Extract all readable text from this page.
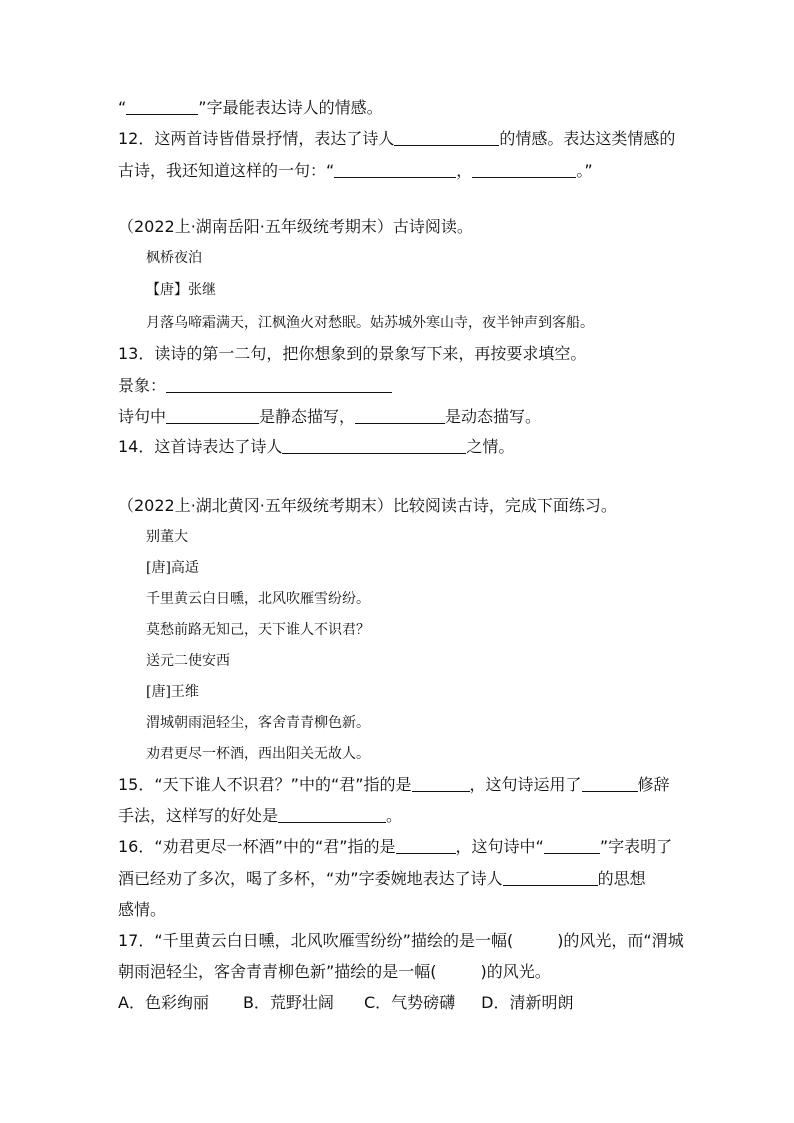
“	”字最能表达诗人的情感。
12．这两首诗皆借景抒情，表达了诗人	的情感。表达这类情感的
古诗，我还知道这样的一句：“	，	。”
（2022上·湖南岳阳·五年级统考期末）古诗阅读。
枫桥夜泊
【唐】张继
月落乌啼霜满天，江枫渔火对愁眠。姑苏城外寒山寺，夜半钟声到客船。
13．读诗的第一二句，把你想象到的景象写下来，再按要求填空。
景象：
诗句中	是静态描写，	是动态描写。
14．这首诗表达了诗人	之情。
（2022上·湖北黄冈·五年级统考期末）比较阅读古诗，完成下面练习。
别董大
[唐]高适
千里黄云白日曛，北风吹雁雪纷纷。
莫愁前路无知己，天下谁人不识君？
送元二使安西
[唐]王维
渭城朝雨浥轻尘，客舍青青柳色新。
劝君更尽一杯酒，西出阳关无故人。
15．“天下谁人不识君？”中的“君”指的是	，这句诗运用了	修辞
手法，这样写的好处是	。
16．“劝君更尽一杯酒”中的“君”指的是	，这句诗中“	”字表明了
酒已经劝了多次，喝了多杯，“劝”字委婉地表达了诗人	的思想
感情。
17．“千里黄云白日曛，北风吹雁雪纷纷”描绘的是一幅(	)的风光，而“渭城
朝雨浥轻尘，客舍青青柳色新”描绘的是一幅(	)的风光。
A．色彩绚丽 B．荒野壮阔 C．气势磅礴 D．清新明朗
